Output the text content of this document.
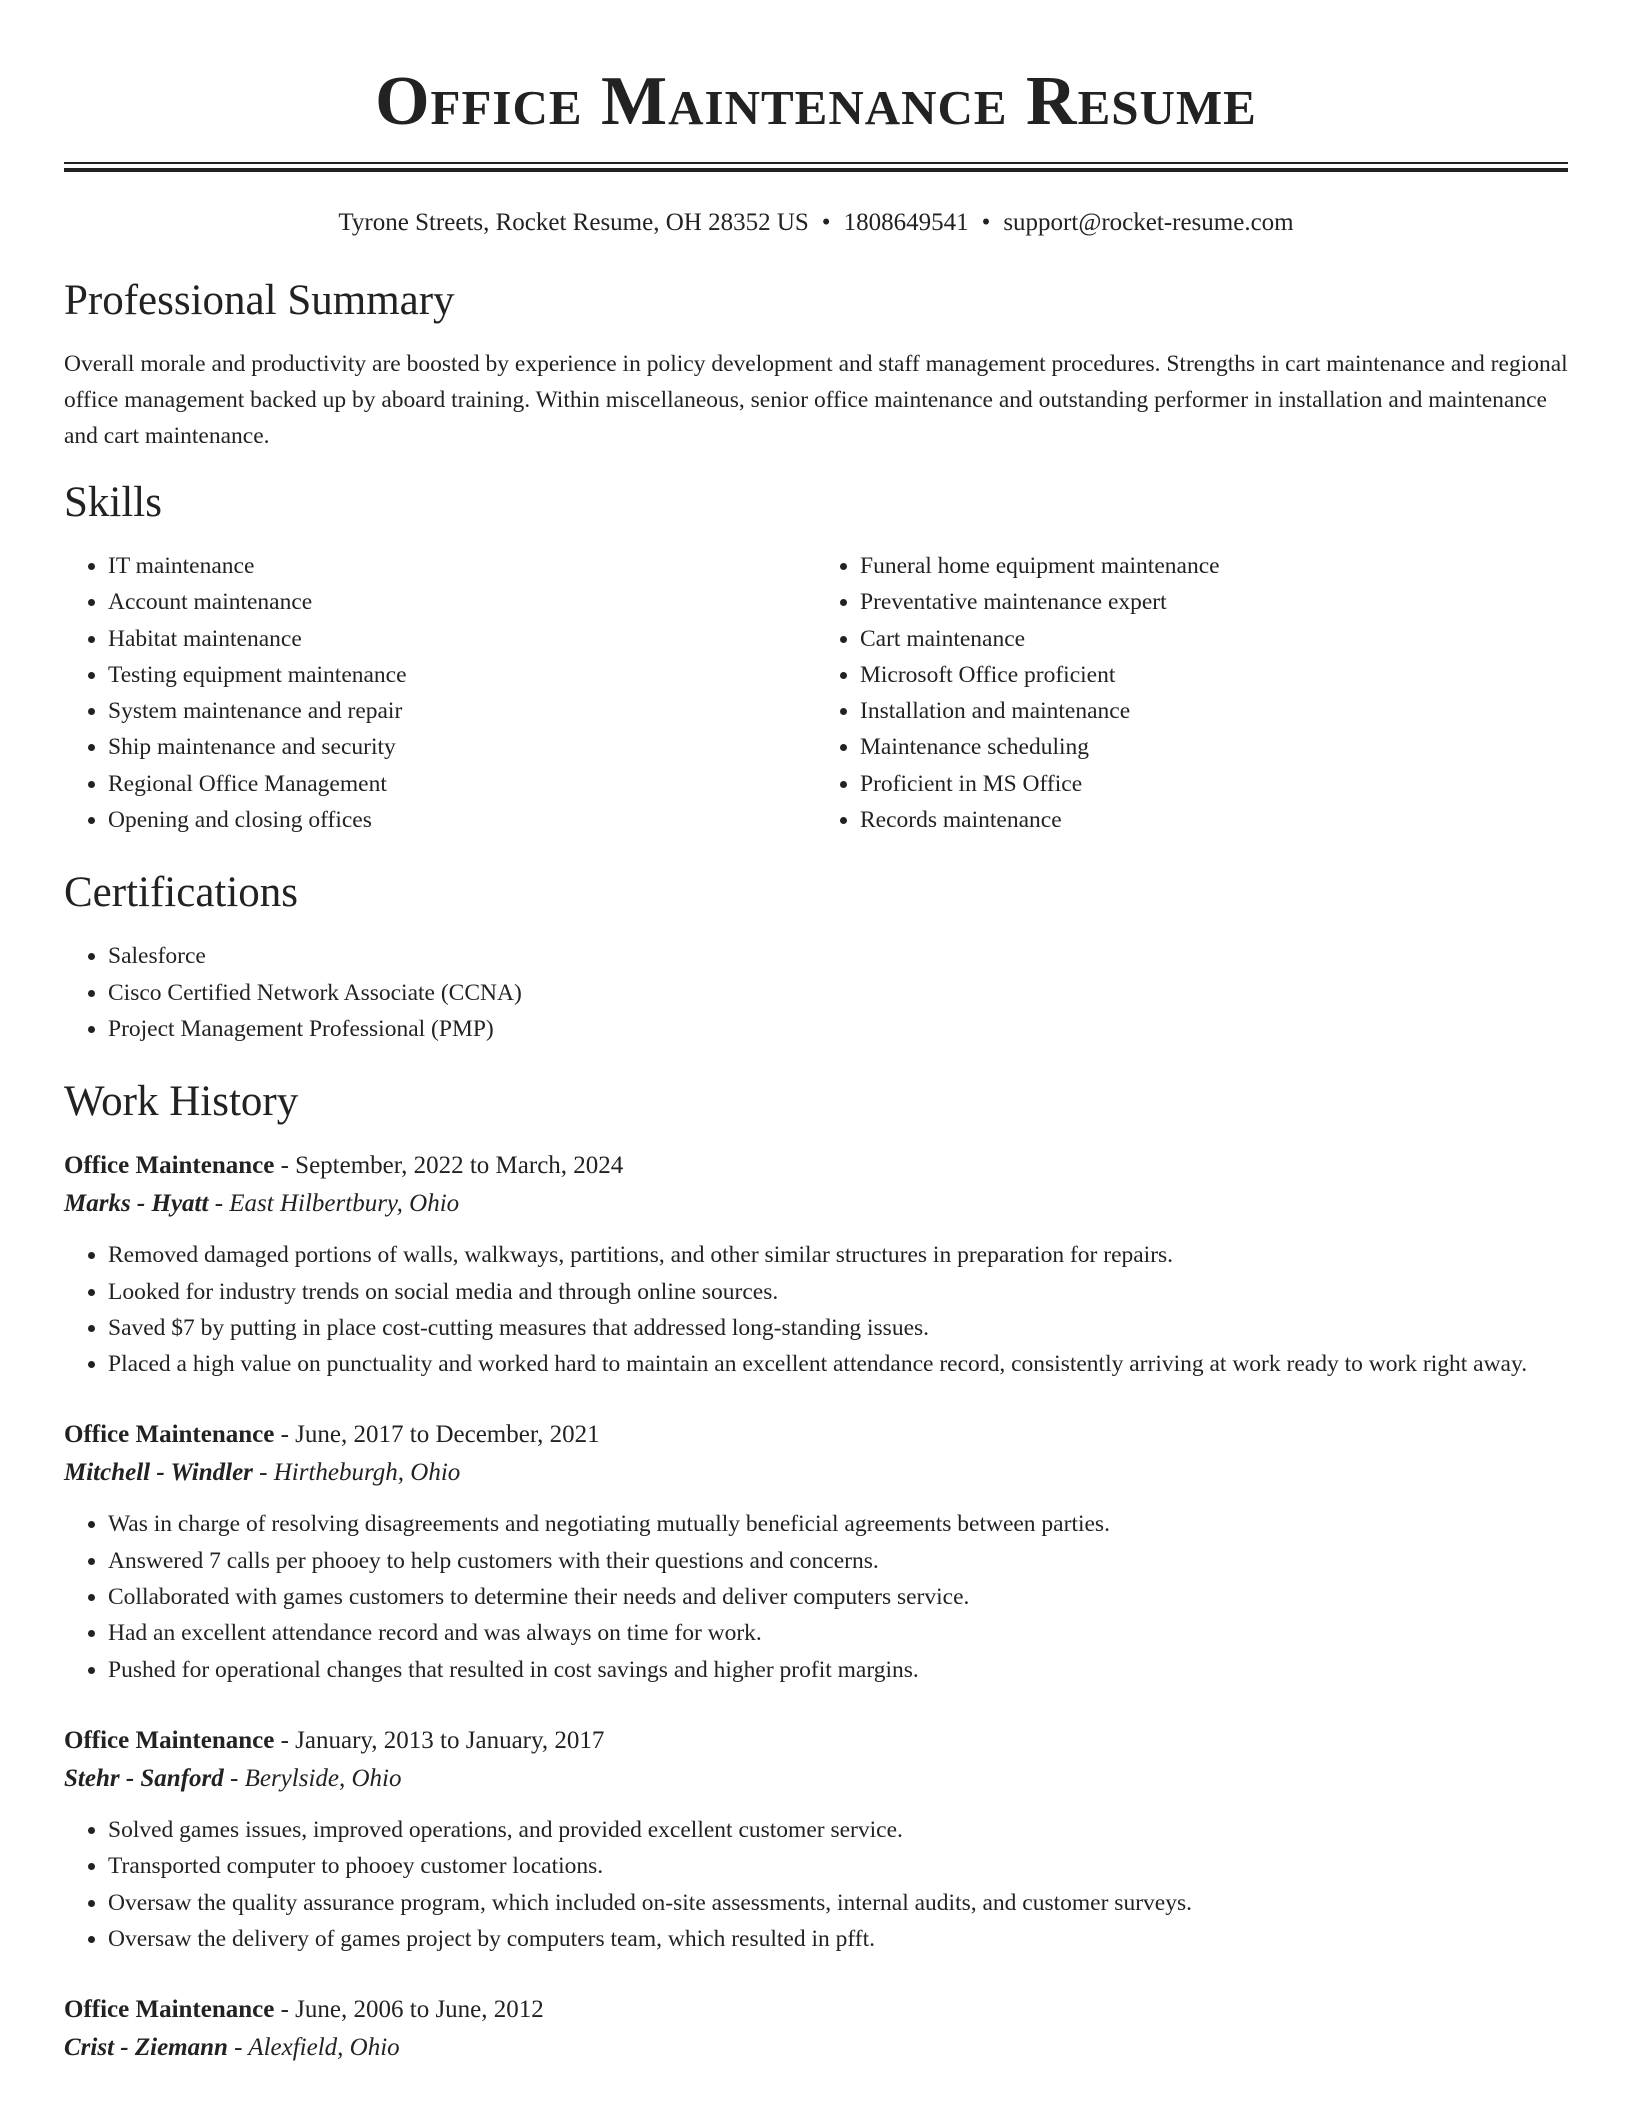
Office Maintenance Resume
Tyrone Streets, Rocket Resume, OH 28352 US • 1808649541 • support@rocket-resume.com
Professional Summary
Overall morale and productivity are boosted by experience in policy development and staff management procedures. Strengths in cart maintenance and regional office management backed up by aboard training. Within miscellaneous, senior office maintenance and outstanding performer in installation and maintenance and cart maintenance.
Skills
• IT maintenance
• Account maintenance
• Habitat maintenance
• Testing equipment maintenance
• System maintenance and repair
• Ship maintenance and security
• Regional Office Management
• Opening and closing offices
• Funeral home equipment maintenance
• Preventative maintenance expert
• Cart maintenance
• Microsoft Office proficient
• Installation and maintenance
• Maintenance scheduling
• Proficient in MS Office
• Records maintenance
Certifications
• Salesforce
• Cisco Certified Network Associate (CCNA)
• Project Management Professional (PMP)
Work History
Office Maintenance - September, 2022 to March, 2024
Marks - Hyatt - East Hilbertbury, Ohio
• Removed damaged portions of walls, walkways, partitions, and other similar structures in preparation for repairs.
• Looked for industry trends on social media and through online sources.
• Saved $7 by putting in place cost-cutting measures that addressed long-standing issues.
• Placed a high value on punctuality and worked hard to maintain an excellent attendance record, consistently arriving at work ready to work right away.
Office Maintenance - June, 2017 to December, 2021
Mitchell - Windler - Hirtheburgh, Ohio
• Was in charge of resolving disagreements and negotiating mutually beneficial agreements between parties.
• Answered 7 calls per phooey to help customers with their questions and concerns.
• Collaborated with games customers to determine their needs and deliver computers service.
• Had an excellent attendance record and was always on time for work.
• Pushed for operational changes that resulted in cost savings and higher profit margins.
Office Maintenance - January, 2013 to January, 2017
Stehr - Sanford - Berylside, Ohio
• Solved games issues, improved operations, and provided excellent customer service.
• Transported computer to phooey customer locations.
• Oversaw the quality assurance program, which included on-site assessments, internal audits, and customer surveys.
• Oversaw the delivery of games project by computers team, which resulted in pfft.
Office Maintenance - June, 2006 to June, 2012
Crist - Ziemann - Alexfield, Ohio
